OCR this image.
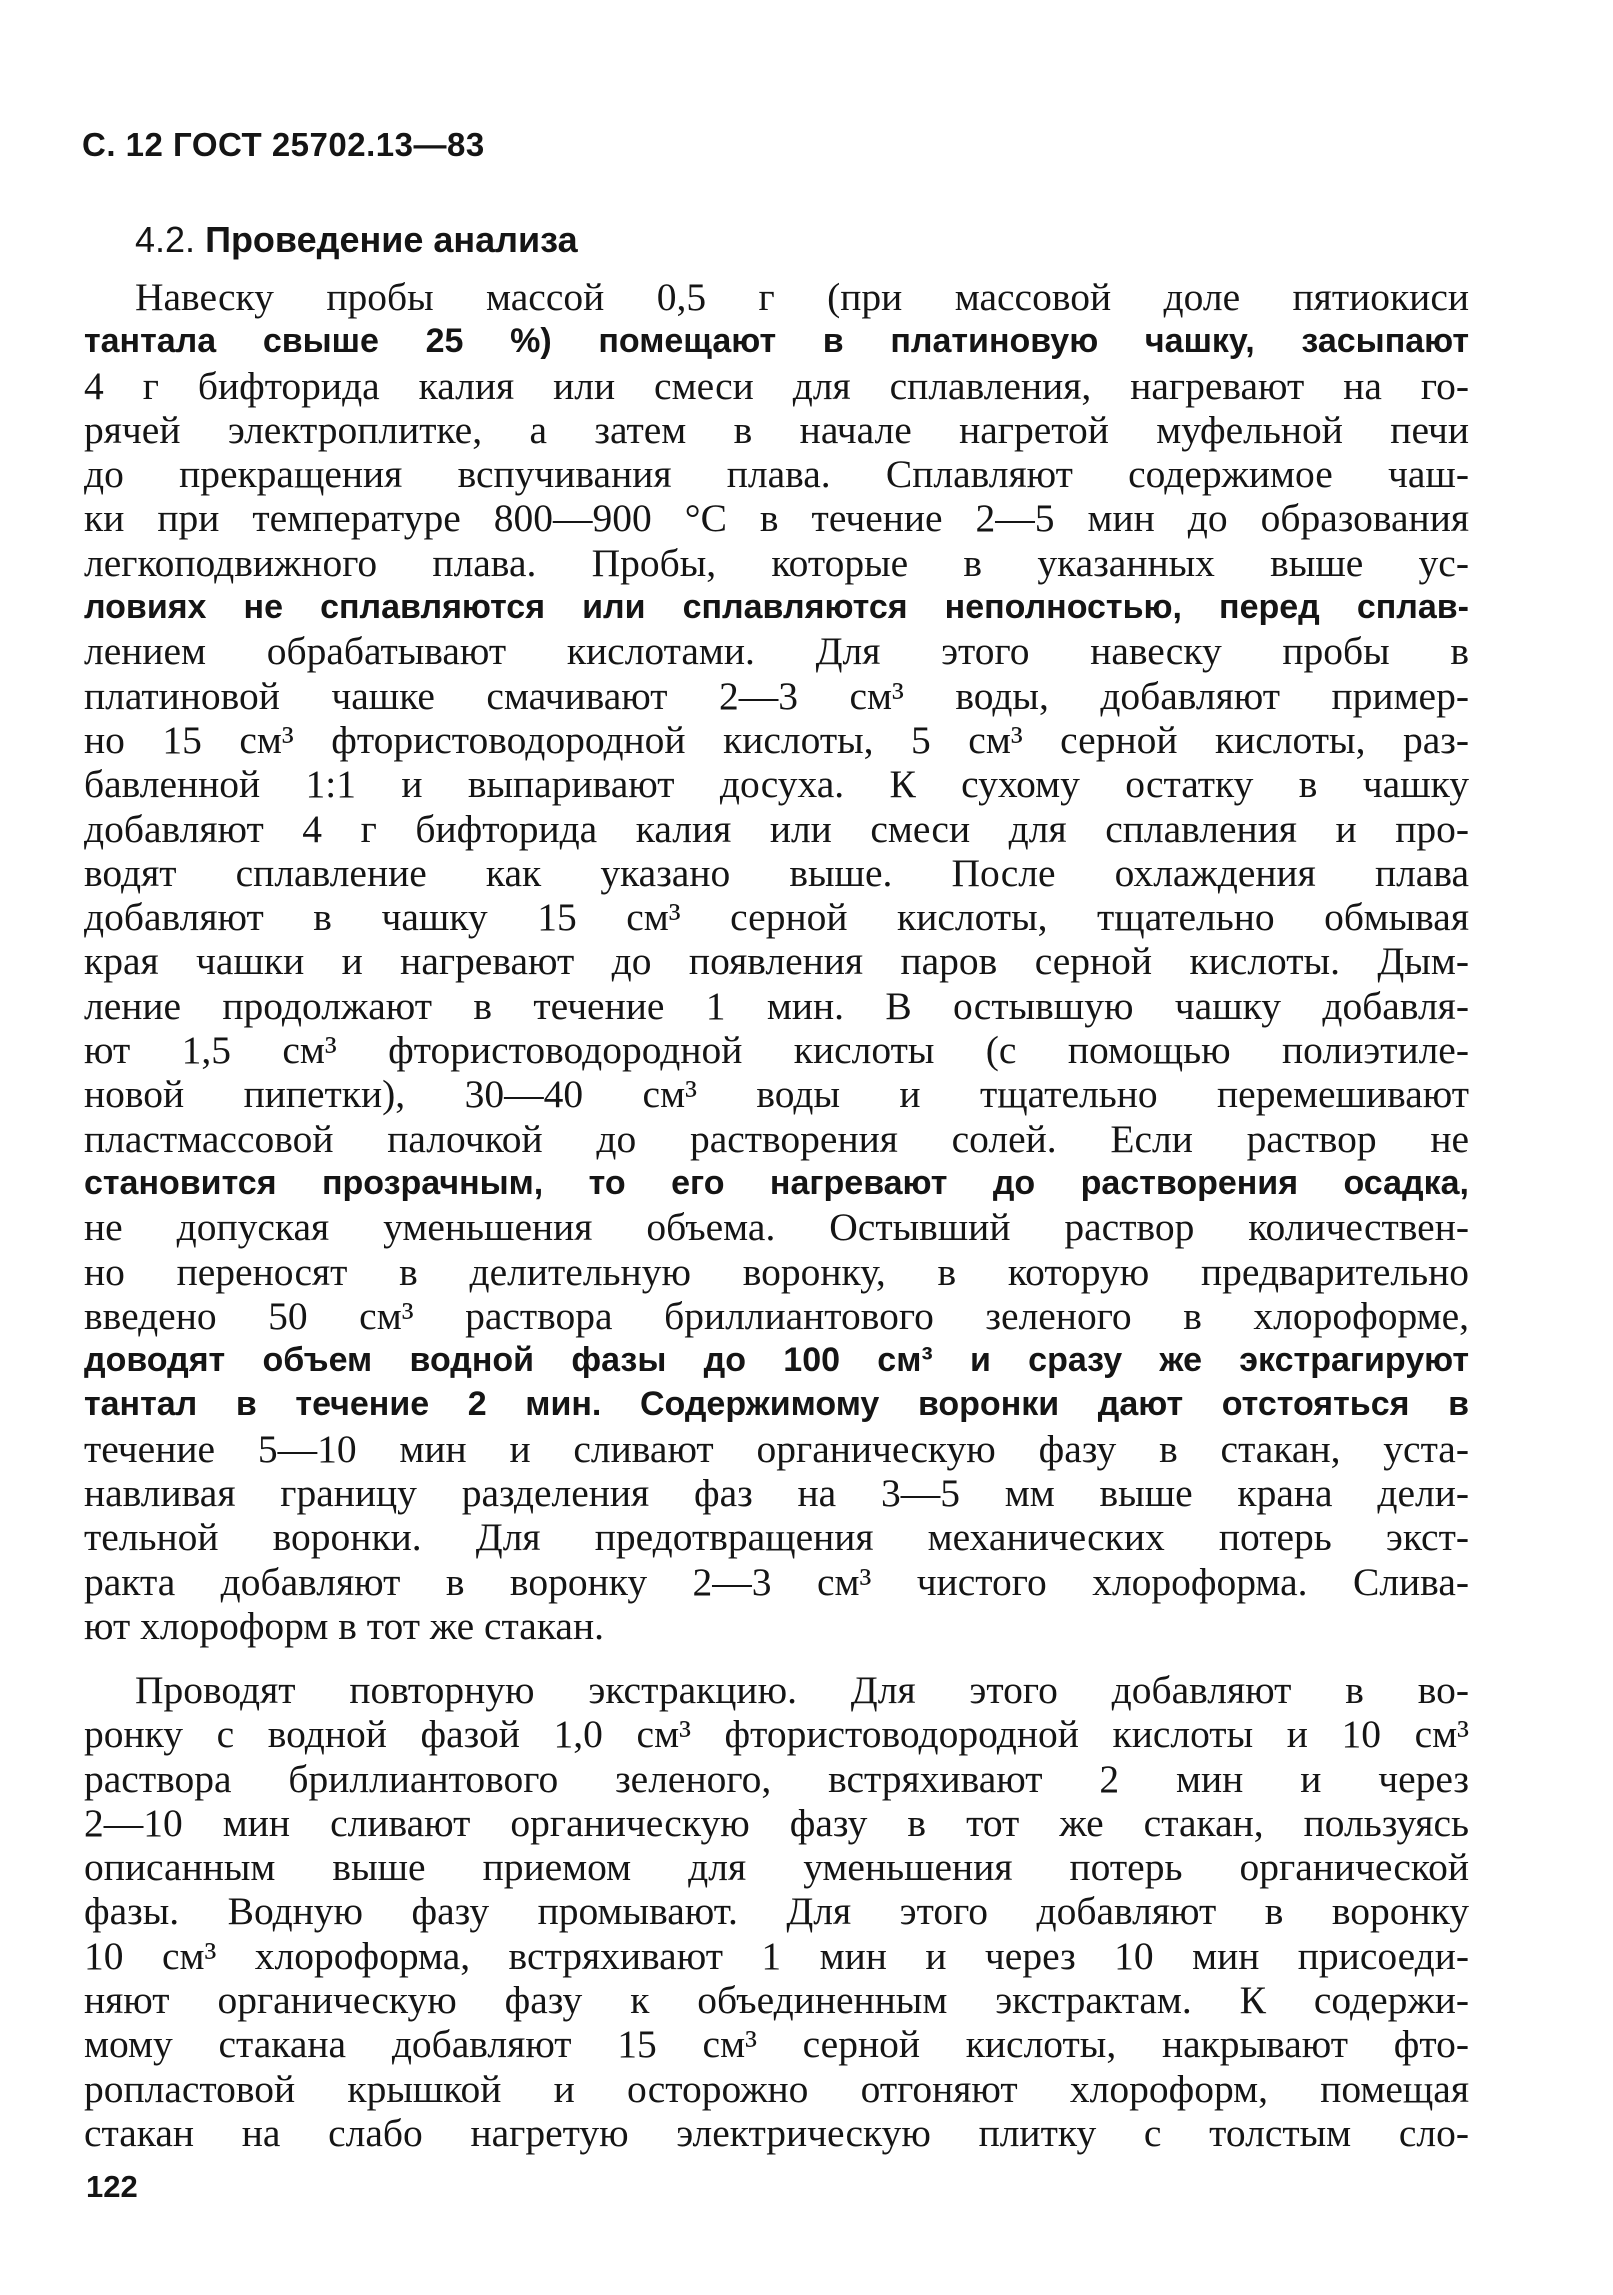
С. 12 ГОСТ 25702.13—83
4.2. Проведение анализа
Навеску пробы массой 0,5 г (при массовой доле пятиокиси
тантала свыше 25 %) помещают в платиновую чашку, засыпают
4 г бифторида калия или смеси для сплавления, нагревают на го-
рячей электроплитке, а затем в начале нагретой муфельной печи
до прекращения вспучивания плава. Сплавляют содержимое чаш-
ки при температуре 800—900 °С в течение 2—5 мин до образования
легкоподвижного плава. Пробы, которые в указанных выше ус-
ловиях не сплавляются или сплавляются неполностью, перед сплав-
лением обрабатывают кислотами. Для этого навеску пробы в
платиновой чашке смачивают 2—3 см³ воды, добавляют пример-
но 15 см³ фтористоводородной кислоты, 5 см³ серной кислоты, раз-
бавленной 1:1 и выпаривают досуха. К сухому остатку в чашку
добавляют 4 г бифторида калия или смеси для сплавления и про-
водят сплавление как указано выше. После охлаждения плава
добавляют в чашку 15 см³ серной кислоты, тщательно обмывая
края чашки и нагревают до появления паров серной кислоты. Дым-
ление продолжают в течение 1 мин. В остывшую чашку добавля-
ют 1,5 см³ фтористоводородной кислоты (с помощью полиэтиле-
новой пипетки), 30—40 см³ воды и тщательно перемешивают
пластмассовой палочкой до растворения солей. Если раствор не
становится прозрачным, то его нагревают до растворения осадка,
не допуская уменьшения объема. Остывший раствор количествен-
но переносят в делительную воронку, в которую предварительно
введено 50 см³ раствора бриллиантового зеленого в хлороформе,
доводят объем водной фазы до 100 см³ и сразу же экстрагируют
тантал в течение 2 мин. Содержимому воронки дают отстояться в
течение 5—10 мин и сливают органическую фазу в стакан, уста-
навливая границу разделения фаз на 3—5 мм выше крана дели-
тельной воронки. Для предотвращения механических потерь экст-
ракта добавляют в воронку 2—3 см³ чистого хлороформа. Слива-
ют хлороформ в тот же стакан.
Проводят повторную экстракцию. Для этого добавляют в во-
ронку с водной фазой 1,0 см³ фтористоводородной кислоты и 10 см³
раствора бриллиантового зеленого, встряхивают 2 мин и через
2—10 мин сливают органическую фазу в тот же стакан, пользуясь
описанным выше приемом для уменьшения потерь органической
фазы. Водную фазу промывают. Для этого добавляют в воронку
10 см³ хлороформа, встряхивают 1 мин и через 10 мин присоеди-
няют органическую фазу к объединенным экстрактам. К содержи-
мому стакана добавляют 15 см³ серной кислоты, накрывают фто-
ропластовой крышкой и осторожно отгоняют хлороформ, помещая
стакан на слабо нагретую электрическую плитку с толстым сло-
122
